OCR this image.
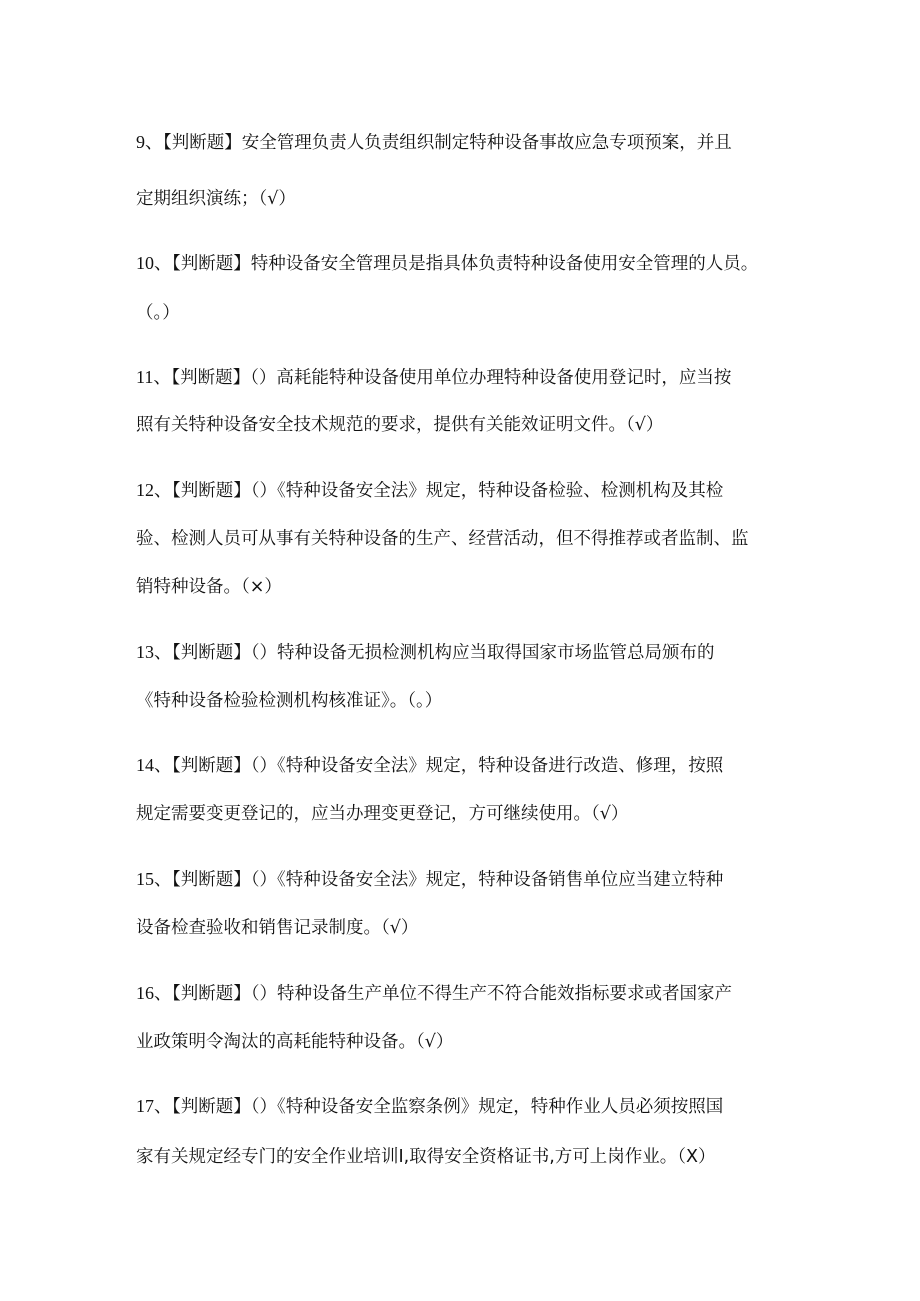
9、【判断题】安全管理负责人负责组织制定特种设备事故应急专项预案，并且
定期组织演练；（√）
10、【判断题】特种设备安全管理员是指具体负责特种设备使用安全管理的人员。
（。）
11、【判断题】（）高耗能特种设备使用单位办理特种设备使用登记时，应当按
照有关特种设备安全技术规范的要求，提供有关能效证明文件。（√）
12、【判断题】（）《特种设备安全法》规定，特种设备检验、检测机构及其检
验、检测人员可从事有关特种设备的生产、经营活动，但不得推荐或者监制、监
销特种设备。（×）
13、【判断题】（）特种设备无损检测机构应当取得国家市场监管总局颁布的
《特种设备检验检测机构核准证》。（。）
14、【判断题】（）《特种设备安全法》规定，特种设备进行改造、修理，按照
规定需要变更登记的，应当办理变更登记，方可继续使用。（√）
15、【判断题】（）《特种设备安全法》规定，特种设备销售单位应当建立特种
设备检查验收和销售记录制度。（√）
16、【判断题】（）特种设备生产单位不得生产不符合能效指标要求或者国家产
业政策明令淘汰的高耗能特种设备。（√）
17、【判断题】（）《特种设备安全监察条例》规定，特种作业人员必须按照国
家有关规定经专门的安全作业培训Ⅰ,取得安全资格证书,方可上岗作业。（X）
